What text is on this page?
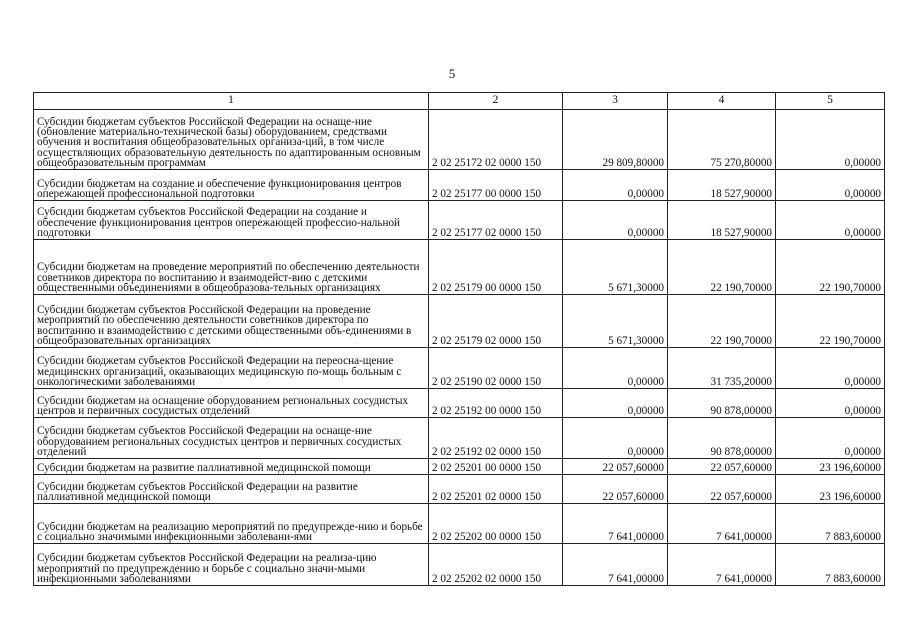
5
1	2	3	4	5
Субсидии бюджетам субъектов Российской Федерации на оснаще-ние (обновление материально-технической базы) оборудованием, средствами обучения и воспитания общеобразовательных организа-ций, в том числе осуществляющих образовательную деятельность по адаптированным основным общеобразовательным программам	2 02 25172 02 0000 150	29 809,80000	75 270,80000	0,00000
Субсидии бюджетам на создание и обеспечение функционирования центров опережающей профессиональной подготовки	2 02 25177 00 0000 150	0,00000	18 527,90000	0,00000
Субсидии бюджетам субъектов Российской Федерации на создание и обеспечение функционирования центров опережающей профессио-нальной подготовки	2 02 25177 02 0000 150	0,00000	18 527,90000	0,00000
Субсидии бюджетам на проведение мероприятий по обеспечению деятельности советников директора по воспитанию и взаимодейст-вию с детскими общественными объединениями в общеобразова-тельных организациях	2 02 25179 00 0000 150	5 671,30000	22 190,70000	22 190,70000
Субсидии бюджетам субъектов Российской Федерации на проведение мероприятий по обеспечению деятельности советников директора по воспитанию и взаимодействию с детскими общественными объ-единениями в общеобразовательных организациях	2 02 25179 02 0000 150	5 671,30000	22 190,70000	22 190,70000
Субсидии бюджетам субъектов Российской Федерации на переосна-щение медицинских организаций, оказывающих медицинскую по-мощь больным с онкологическими заболеваниями	2 02 25190 02 0000 150	0,00000	31 735,20000	0,00000
Субсидии бюджетам на оснащение оборудованием региональных сосудистых центров и первичных сосудистых отделений	2 02 25192 00 0000 150	0,00000	90 878,00000	0,00000
Субсидии бюджетам субъектов Российской Федерации на оснаще-ние оборудованием региональных сосудистых центров и первичных сосудистых отделений	2 02 25192 02 0000 150	0,00000	90 878,00000	0,00000
Субсидии бюджетам на развитие паллиативной медицинской помощи	2 02 25201 00 0000 150	22 057,60000	22 057,60000	23 196,60000
Субсидии бюджетам субъектов Российской Федерации на развитие паллиативной медицинской помощи	2 02 25201 02 0000 150	22 057,60000	22 057,60000	23 196,60000
Субсидии бюджетам на реализацию мероприятий по предупрежде-нию и борьбе с социально значимыми инфекционными заболевани-ями	2 02 25202 00 0000 150	7 641,00000	7 641,00000	7 883,60000
Субсидии бюджетам субъектов Российской Федерации на реализа-цию мероприятий по предупреждению и борьбе с социально значи-мыми инфекционными заболеваниями	2 02 25202 02 0000 150	7 641,00000	7 641,00000	7 883,60000
